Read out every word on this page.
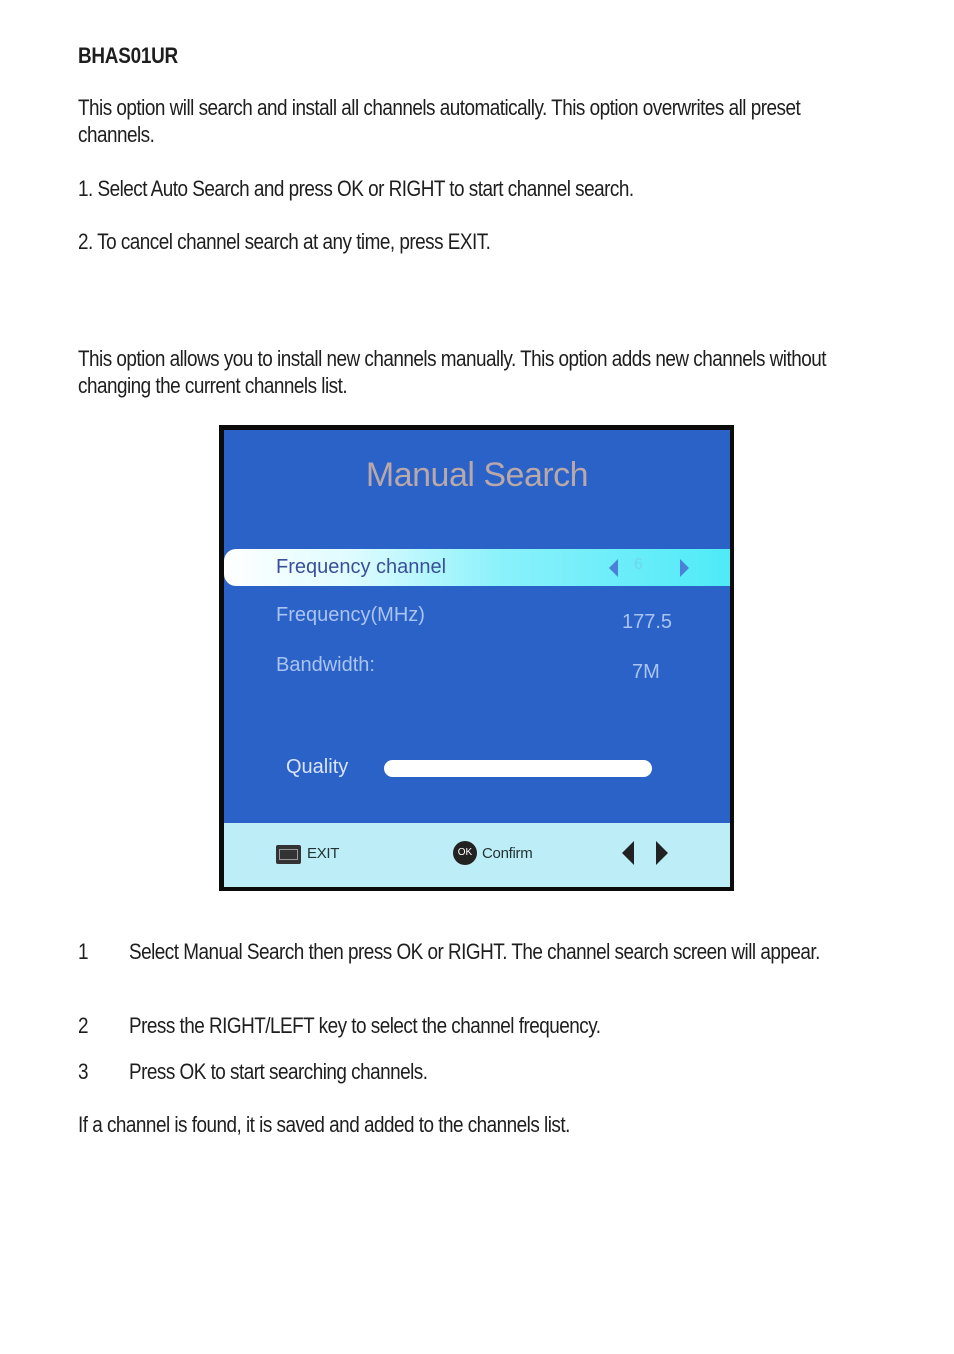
BHAS01UR

This option will search and install all channels automatically. This option overwrites all preset channels.

1. Select Auto Search and press OK or RIGHT to start channel search.

2. To cancel channel search at any time, press EXIT.

This option allows you to install new channels manually. This option adds new channels without changing the current channels list.

Manual Search
Frequency channel	6
Frequency(MHz)	177.5
Bandwidth:	7M
Quality
EXIT	OK Confirm
1 Select Manual Search then press OK or RIGHT. The channel search screen will appear.

2 Press the RIGHT/LEFT key to select the channel frequency.

3 Press OK to start searching channels.

If a channel is found, it is saved and added to the channels list.
